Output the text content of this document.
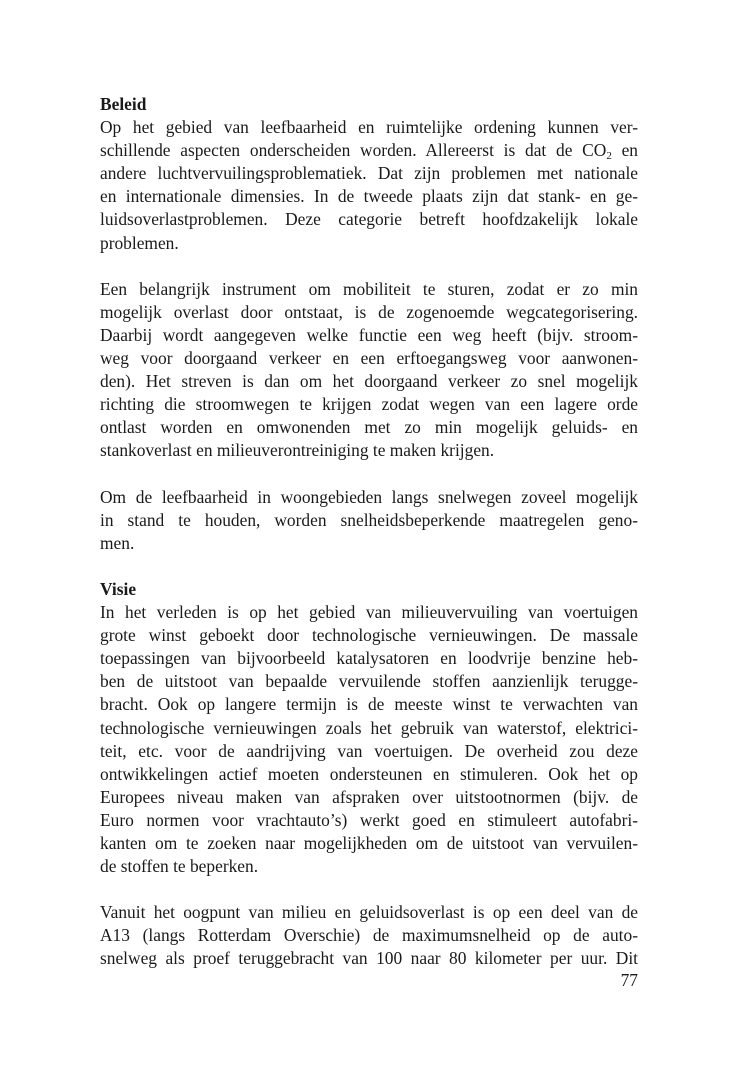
Beleid

Op het gebied van leefbaarheid en ruimtelijke ordening kunnen ver-
schillende aspecten onderscheiden worden. Allereerst is dat de $CO_2$ en
andere luchtvervuilingsproblematiek. Dat zijn problemen met nationale
en internationale dimensies. In de tweede plaats zijn dat stank- en ge-
luidsoverlastproblemen. Deze categorie betreft hoofdzakelijk lokale
problemen.
Een belangrijk instrument om mobiliteit te sturen, zodat er zo min
mogelijk overlast door ontstaat, is de zogenoemde wegcategorisering.
Daarbij wordt aangegeven welke functie een weg heeft (bijv. stroom-
weg voor doorgaand verkeer en een erftoegangsweg voor aanwonen-
den). Het streven is dan om het doorgaand verkeer zo snel mogelijk
richting die stroomwegen te krijgen zodat wegen van een lagere orde
ontlast worden en omwonenden met zo min mogelijk geluids- en
stankoverlast en milieuverontreiniging te maken krijgen.
Om de leefbaarheid in woongebieden langs snelwegen zoveel mogelijk
in stand te houden, worden snelheidsbeperkende maatregelen geno-
men.

Visie

In het verleden is op het gebied van milieuvervuiling van voertuigen
grote winst geboekt door technologische vernieuwingen. De massale
toepassingen van bijvoorbeeld katalysatoren en loodvrije benzine heb-
ben de uitstoot van bepaalde vervuilende stoffen aanzienlijk terugge-
bracht. Ook op langere termijn is de meeste winst te verwachten van
technologische vernieuwingen zoals het gebruik van waterstof, elektrici-
teit, etc. voor de aandrijving van voertuigen. De overheid zou deze
ontwikkelingen actief moeten ondersteunen en stimuleren. Ook het op
Europees niveau maken van afspraken over uitstootnormen (bijv. de
Euro normen voor vrachtauto’s) werkt goed en stimuleert autofabri-
kanten om te zoeken naar mogelijkheden om de uitstoot van vervuilen-
de stoffen te beperken.
Vanuit het oogpunt van milieu en geluidsoverlast is op een deel van de
A13 (langs Rotterdam Overschie) de maximumsnelheid op de auto-
snelweg als proef teruggebracht van 100 naar 80 kilometer per uur. Dit
77
